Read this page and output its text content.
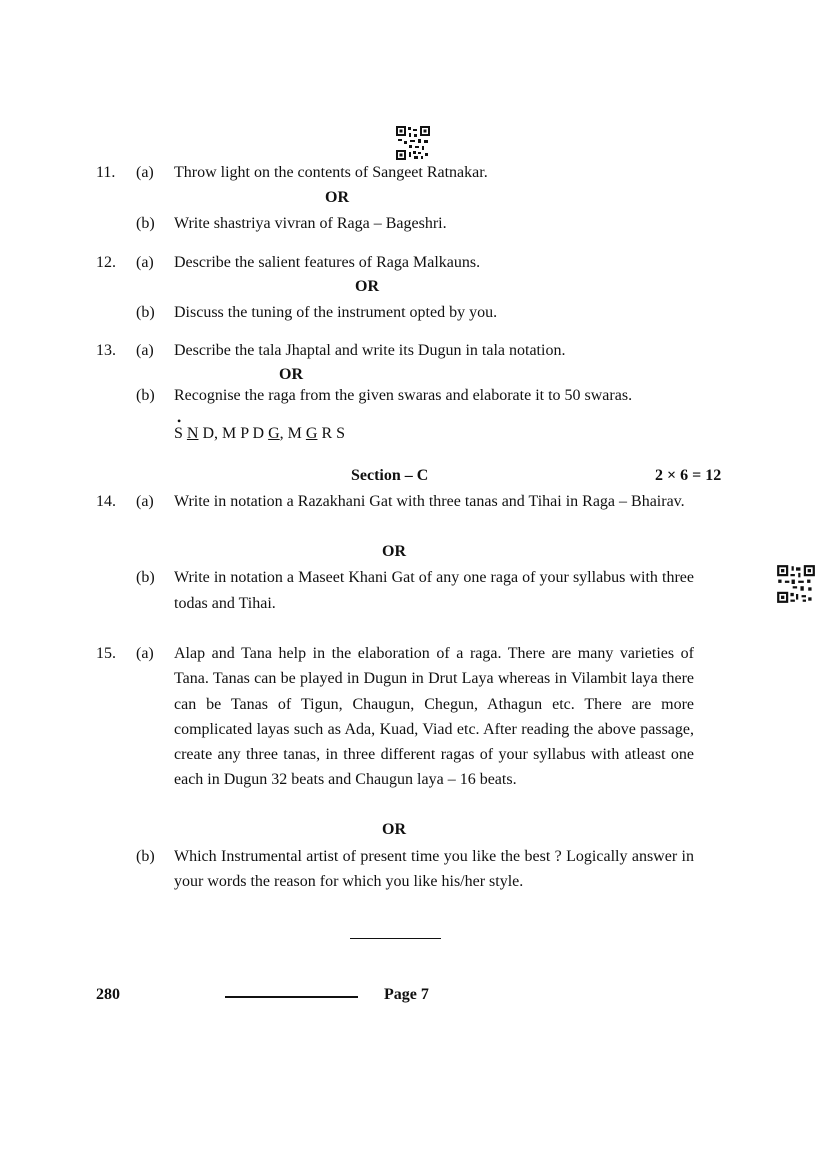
11. (a) Throw light on the contents of Sangeet Ratnakar.
OR
(b) Write shastriya vivran of Raga – Bageshri.
12. (a) Describe the salient features of Raga Malkauns.
OR
(b) Discuss the tuning of the instrument opted by you.
13. (a) Describe the tala Jhaptal and write its Dugun in tala notation.
OR
(b) Recognise the raga from the given swaras and elaborate it to 50 swaras.
•
S N D, M P D G, M G R S
Section – C	2 × 6 = 12
14. (a) Write in notation a Razakhani Gat with three tanas and Tihai in Raga – Bhairav.
OR
(b) Write in notation a Maseet Khani Gat of any one raga of your syllabus with three todas and Tihai.
15. (a) Alap and Tana help in the elaboration of a raga. There are many varieties of Tana. Tanas can be played in Dugun in Drut Laya whereas in Vilambit laya there can be Tanas of Tigun, Chaugun, Chegun, Athagun etc. There are more complicated layas such as Ada, Kuad, Viad etc. After reading the above passage, create any three tanas, in three different ragas of your syllabus with atleast one each in Dugun 32 beats and Chaugun laya – 16 beats.
OR
(b) Which Instrumental artist of present time you like the best ? Logically answer in your words the reason for which you like his/her style.
280	Page 7
